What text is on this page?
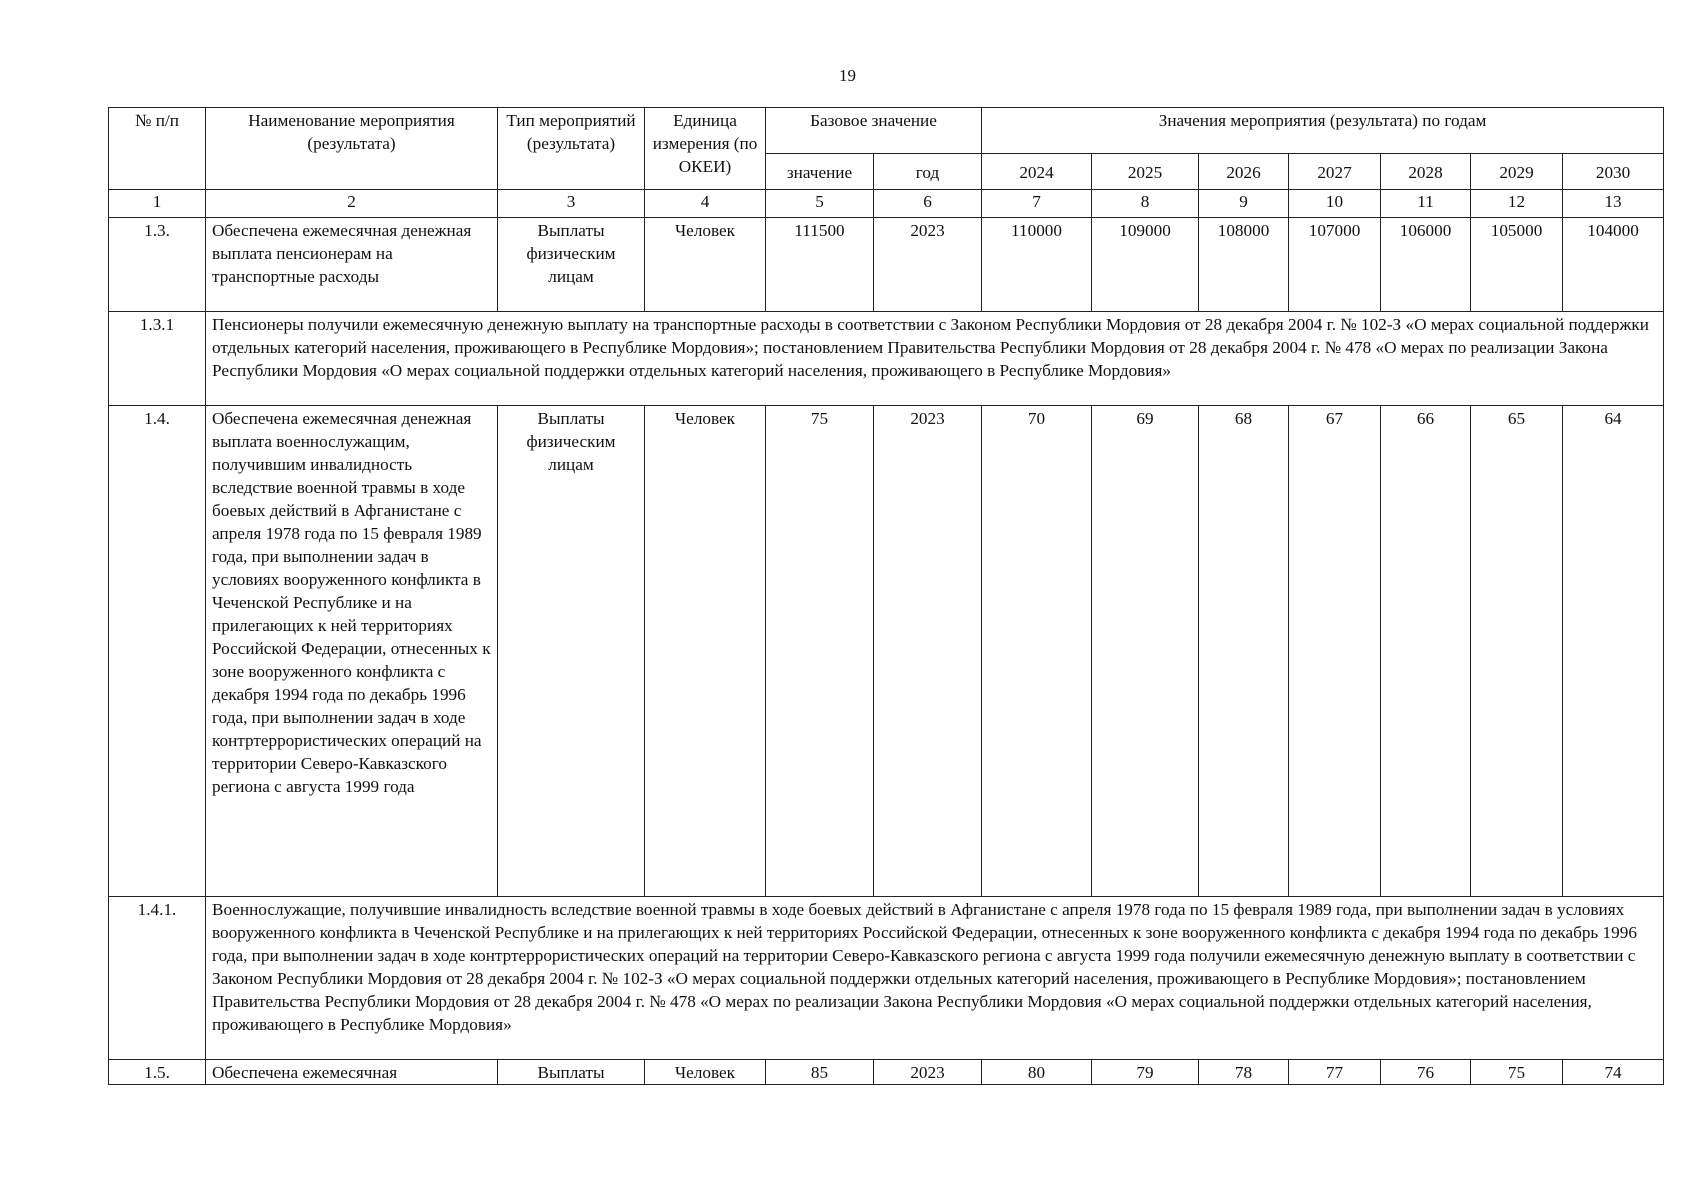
19
№ п/п	Наименование мероприятия (результата)	Тип мероприятий (результата)	Единица измерения (по ОКЕИ)	Базовое значение		Значения мероприятия (результата) по годам						
				значение	год	2024	2025	2026	2027	2028	2029	2030
1	2	3	4	5	6	7	8	9	10	11	12	13
1.3.	Обеспечена ежемесячная денежная выплата пенсионерам на транспортные расходы	Выплаты физическим лицам	Человек	111500	2023	110000	109000	108000	107000	106000	105000	104000
1.3.1	Пенсионеры получили ежемесячную денежную выплату на транспортные расходы в соответствии с Законом Республики Мордовия от 28 декабря 2004 г. № 102-З «О мерах социальной поддержки отдельных категорий населения, проживающего в Республике Мордовия»; постановлением Правительства Республики Мордовия от 28 декабря 2004 г. № 478 «О мерах по реализации Закона Республики Мордовия «О мерах социальной поддержки отдельных категорий населения, проживающего в Республике Мордовия»											
1.4.	Обеспечена ежемесячная денежная выплата военнослужащим, получившим инвалидность вследствие военной травмы в ходе боевых действий в Афганистане с апреля 1978 года по 15 февраля 1989 года, при выполнении задач в условиях вооруженного конфликта в Чеченской Республике и на прилегающих к ней территориях Российской Федерации, отнесенных к зоне вооруженного конфликта с декабря 1994 года по декабрь 1996 года, при выполнении задач в ходе контртеррористических операций на территории Северо-Кавказского региона с августа 1999 года	Выплаты физическим лицам	Человек	75	2023	70	69	68	67	66	65	64
1.4.1.	Военнослужащие, получившие инвалидность вследствие военной травмы в ходе боевых действий в Афганистане с апреля 1978 года по 15 февраля 1989 года, при выполнении задач в условиях вооруженного конфликта в Чеченской Республике и на прилегающих к ней территориях Российской Федерации, отнесенных к зоне вооруженного конфликта с декабря 1994 года по декабрь 1996 года, при выполнении задач в ходе контртеррористических операций на территории Северо-Кавказского региона с августа 1999 года получили ежемесячную денежную выплату в соответствии с Законом Республики Мордовия от 28 декабря 2004 г. № 102-З «О мерах социальной поддержки отдельных категорий населения, проживающего в Республике Мордовия»; постановлением Правительства Республики Мордовия от 28 декабря 2004 г. № 478 «О мерах по реализации Закона Республики Мордовия «О мерах социальной поддержки отдельных категорий населения, проживающего в Республике Мордовия»											
1.5.	Обеспечена ежемесячная	Выплаты	Человек	85	2023	80	79	78	77	76	75	74
